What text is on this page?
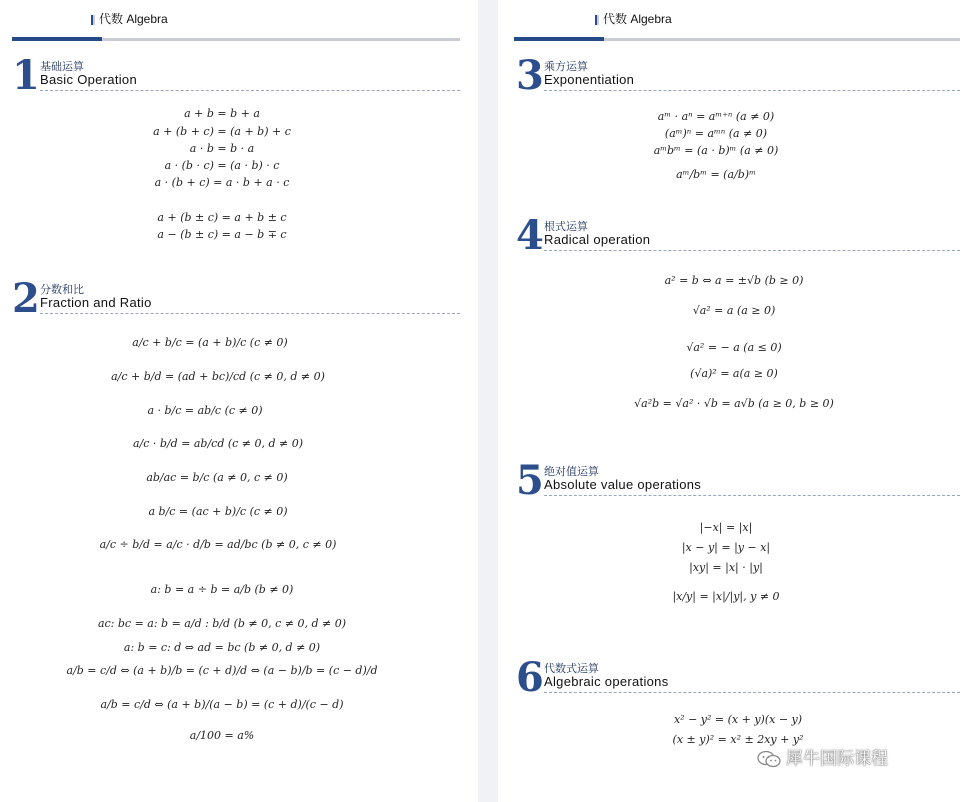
代数 Algebra
1 基础运算
Basic Operation
a + b = b + a
a + (b + c) = (a + b) + c
a · b = b · a
a · (b · c) = (a · b) · c
a · (b + c) = a · b + a · c
a + (b ± c) = a + b ± c
a − (b ± c) = a − b ∓ c
2 分数和比
Fraction and Ratio
a/c + b/c = (a + b)/c (c ≠ 0)
a/c + b/d = (ad + bc)/cd (c ≠ 0, d ≠ 0)
a · b/c = ab/c (c ≠ 0)
a/c · b/d = ab/cd (c ≠ 0, d ≠ 0)
ab/ac = b/c (a ≠ 0, c ≠ 0)
a b/c = (ac + b)/c (c ≠ 0)
a/c ÷ b/d = a/c · d/b = ad/bc (b ≠ 0, c ≠ 0)
a: b = a ÷ b = a/b (b ≠ 0)
ac: bc = a: b = a/d : b/d (b ≠ 0, c ≠ 0, d ≠ 0)
a: b = c: d ⇔ ad = bc (b ≠ 0, d ≠ 0)
a/b = c/d ⇔ (a + b)/b = (c + d)/d ⇔ (a − b)/b = (c − d)/d
a/b = c/d ⇔ (a + b)/(a − b) = (c + d)/(c − d)
a/100 = a%
代数 Algebra
3 乘方运算
Exponentiation
aᵐ · aⁿ = aᵐ⁺ⁿ (a ≠ 0)
(aᵐ)ⁿ = aᵐⁿ (a ≠ 0)
aᵐbᵐ = (a · b)ᵐ (a ≠ 0)
aᵐ/bᵐ = (a/b)ᵐ
4 根式运算
Radical operation
a² = b ⇔ a = ±√b (b ≥ 0)
√a² = a (a ≥ 0)
√a² = − a (a ≤ 0)
(√a)² = a(a ≥ 0)
√a²b = √a² · √b = a√b (a ≥ 0, b ≥ 0)
5 绝对值运算
Absolute value operations
|−x| = |x|
|x − y| = |y − x|
|xy| = |x| · |y|
|x/y| = |x|/|y|, y ≠ 0
6 代数式运算
Algebraic operations
x² − y² = (x + y)(x − y)
(x ± y)² = x² ± 2xy + y²
犀牛国际课程
